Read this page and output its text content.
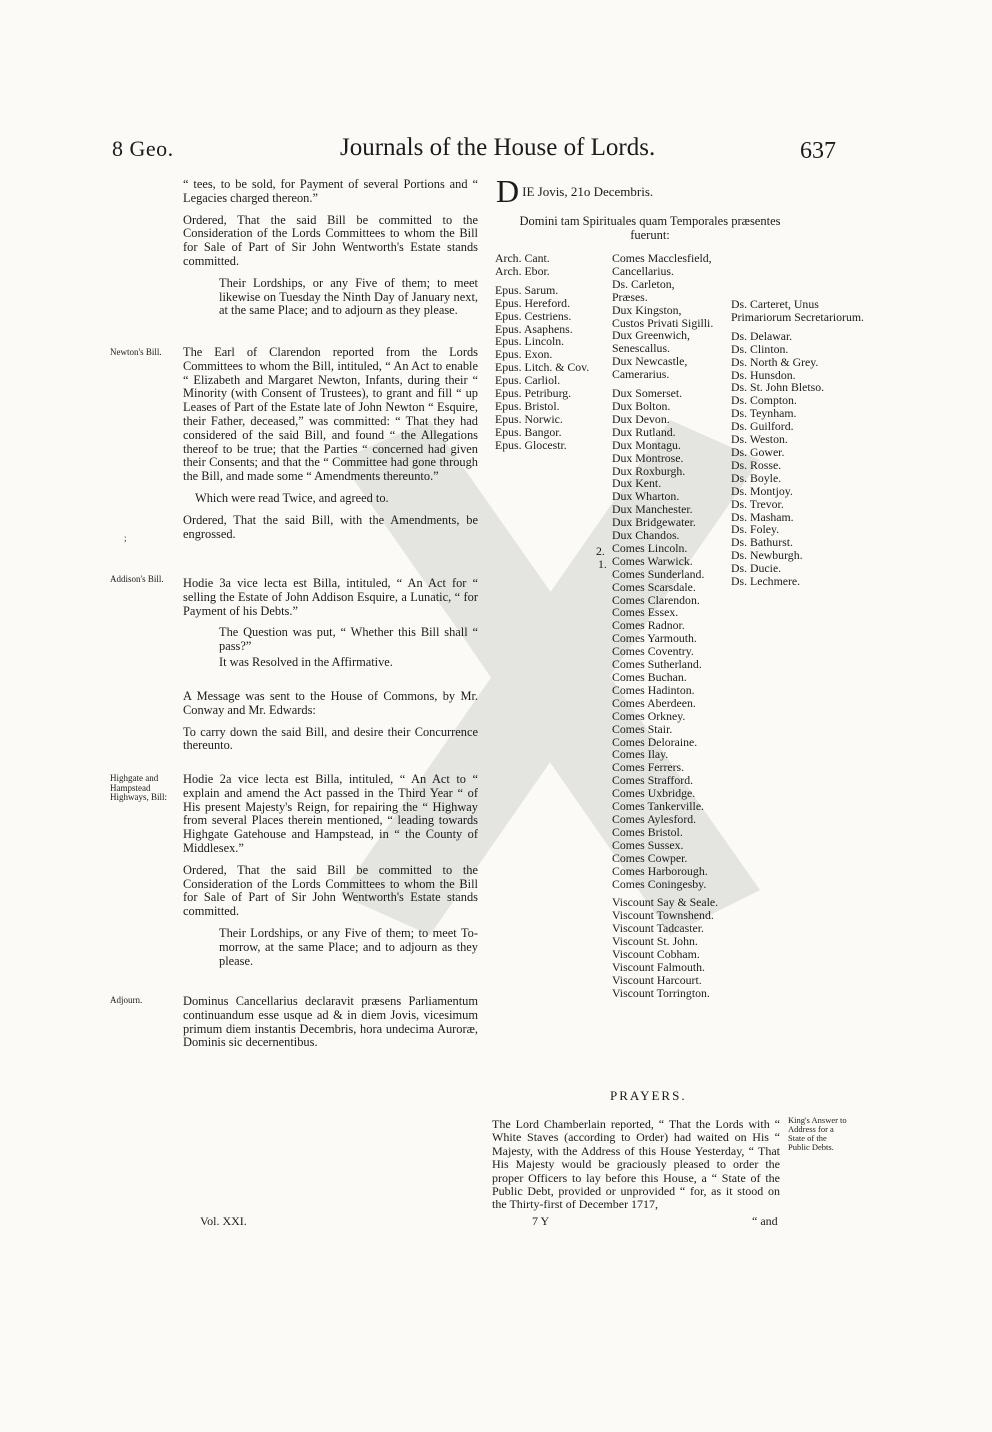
8 Geo.	Journals of the House of Lords.	637

“ tees, to be sold, for Payment of several Portions and “ Legacies charged thereon.”

Ordered, That the said Bill be committed to the Consideration of the Lords Committees to whom the Bill for Sale of Part of Sir John Wentworth's Estate stands committed.

Their Lordships, or any Five of them; to meet likewise on Tuesday the Ninth Day of January next, at the same Place; and to adjourn as they please.

The Earl of Clarendon reported from the Lords Committees to whom the Bill, intituled, “ An Act to enable “ Elizabeth and Margaret Newton, Infants, during their “ Minority (with Consent of Trustees), to grant and fill “ up Leases of Part of the Estate late of John Newton “ Esquire, their Father, deceased,” was committed: “ That they had considered of the said Bill, and found “ the Allegations thereof to be true; that the Parties “ concerned had given their Consents; and that the “ Committee had gone through the Bill, and made some “ Amendments thereunto.”

Which were read Twice, and agreed to.

Ordered, That the said Bill, with the Amendments, be engrossed.

Hodie 3a vice lecta est Billa, intituled, “ An Act for “ selling the Estate of John Addison Esquire, a Lunatic, “ for Payment of his Debts.”

The Question was put, “ Whether this Bill shall “ pass?”

It was Resolved in the Affirmative.

A Message was sent to the House of Commons, by Mr. Conway and Mr. Edwards:

To carry down the said Bill, and desire their Concurrence thereunto.

Hodie 2a vice lecta est Billa, intituled, “ An Act to “ explain and amend the Act passed in the Third Year “ of His present Majesty's Reign, for repairing the “ Highway from several Places therein mentioned, “ leading towards Highgate Gatehouse and Hampstead, in “ the County of Middlesex.”

Ordered, That the said Bill be committed to the Consideration of the Lords Committees to whom the Bill for Sale of Part of Sir John Wentworth's Estate stands committed.

Their Lordships, or any Five of them; to meet To-morrow, at the same Place; and to adjourn as they please.

Dominus Cancellarius declaravit præsens Parliamentum continuandum esse usque ad & in diem Jovis, vicesimum primum diem instantis Decembris, hora undecima Auroræ, Dominis sic decernentibus.

Newton's Bill.
;
Addison's Bill.
Highgate and Hampstead Highways, Bill:
Adjourn.
D IE Jovis, 21o Decembris.
Domini tam Spirituales quam Temporales præsentes fuerunt:
Arch. Cant.
Arch. Ebor.

Epus. Sarum.
Epus. Hereford.
Epus. Cestriens.
Epus. Asaphens.
Epus. Lincoln.
Epus. Exon.
Epus. Litch. & Cov.
Epus. Carliol.
Epus. Petriburg.
Epus. Bristol.
Epus. Norwic.
Epus. Bangor.
Epus. Glocestr.
Comes Macclesfield,
Cancellarius.
Ds. Carleton,
Præses.
Dux Kingston,
Custos Privati Sigilli.
Dux Greenwich,
Senescallus.
Dux Newcastle,
Camerarius.

Dux Somerset.
Dux Bolton.
Dux Devon.
Dux Rutland.
Dux Montagu.
Dux Montrose.
Dux Roxburgh.
Dux Kent.
Dux Wharton.
Dux Manchester.
Dux Bridgewater.
Dux Chandos.
Comes Lincoln.
Comes Warwick.
Comes Sunderland.
Comes Scarsdale.
Comes Clarendon.
Comes Essex.
Comes Radnor.
Comes Yarmouth.
Comes Coventry.
Comes Sutherland.
Comes Buchan.
Comes Hadinton.
Comes Aberdeen.
Comes Orkney.
Comes Stair.
Comes Deloraine.
Comes Ilay.
Comes Ferrers.
Comes Strafford.
Comes Uxbridge.
Comes Tankerville.
Comes Aylesford.
Comes Bristol.
Comes Sussex.
Comes Cowper.
Comes Harborough.
Comes Coningesby.

Viscount Say & Seale.
Viscount Townshend.
Viscount Tadcaster.
Viscount St. John.
Viscount Cobham.
Viscount Falmouth.
Viscount Harcourt.
Viscount Torrington.
Ds. Carteret, Unus
Primariorum Secretariorum.

Ds. Delawar.
Ds. Clinton.
Ds. North & Grey.
Ds. Hunsdon.
Ds. St. John Bletso.
Ds. Compton.
Ds. Teynham.
Ds. Guilford.
Ds. Weston.
Ds. Gower.
Ds. Rosse.
Ds. Boyle.
Ds. Montjoy.
Ds. Trevor.
Ds. Masham.
Ds. Foley.
Ds. Bathurst.
Ds. Newburgh.
Ds. Ducie.
Ds. Lechmere.
2.
1.
PRAYERS.
The Lord Chamberlain reported, “ That the Lords with “ White Staves (according to Order) had waited on His “ Majesty, with the Address of this House Yesterday, “ That His Majesty would be graciously pleased to order the proper Officers to lay before this House, a “ State of the Public Debt, provided or unprovided “ for, as it stood on the Thirty-first of December 1717,
King's Answer to Address for a State of the Public Debts.
Vol. XXI.	7 Y	“ and
